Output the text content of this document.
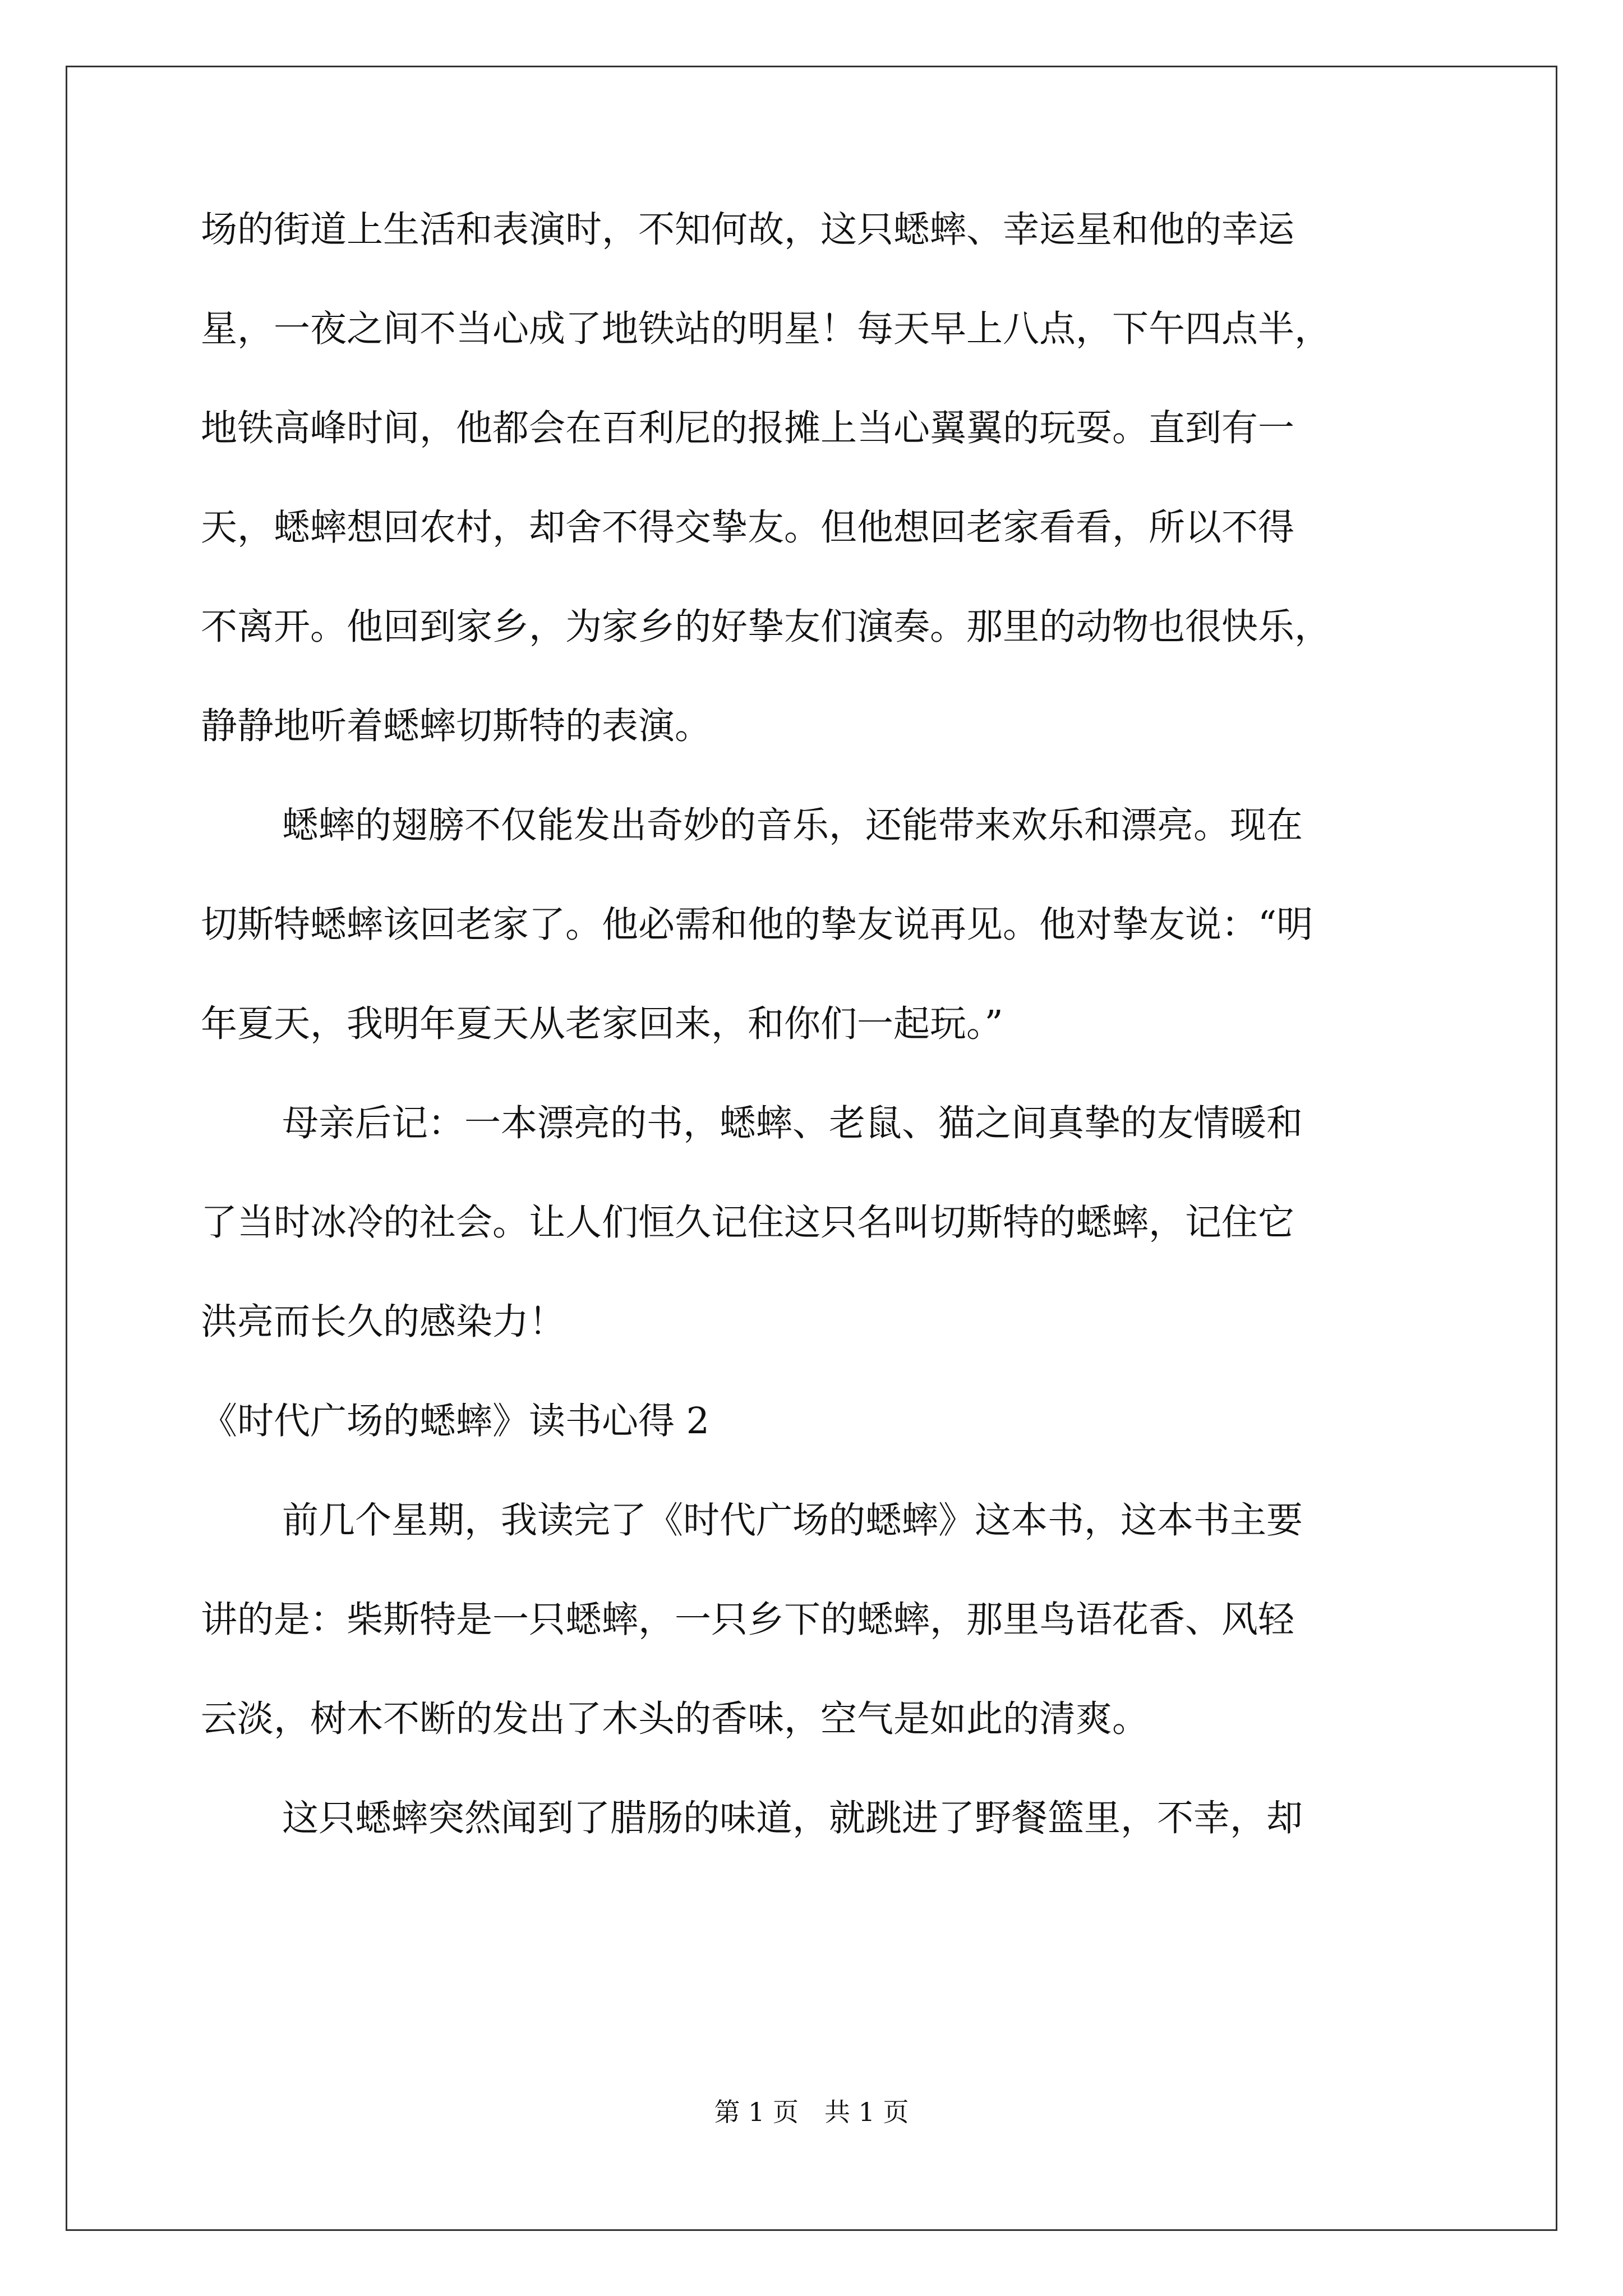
场的街道上生活和表演时，不知何故，这只蟋蟀、幸运星和他的幸运
星，一夜之间不当心成了地铁站的明星！每天早上八点，下午四点半，
地铁高峰时间，他都会在百利尼的报摊上当心翼翼的玩耍。直到有一
天，蟋蟀想回农村，却舍不得交挚友。但他想回老家看看，所以不得
不离开。他回到家乡，为家乡的好挚友们演奏。那里的动物也很快乐，
静静地听着蟋蟀切斯特的表演。
蟋蟀的翅膀不仅能发出奇妙的音乐，还能带来欢乐和漂亮。现在
切斯特蟋蟀该回老家了。他必需和他的挚友说再见。他对挚友说：“明
年夏天，我明年夏天从老家回来，和你们一起玩。”
母亲后记：一本漂亮的书，蟋蟀、老鼠、猫之间真挚的友情暖和
了当时冰冷的社会。让人们恒久记住这只名叫切斯特的蟋蟀，记住它
洪亮而长久的感染力！
《时代广场的蟋蟀》读书心得 2
前几个星期，我读完了《时代广场的蟋蟀》这本书，这本书主要
讲的是：柴斯特是一只蟋蟀，一只乡下的蟋蟀，那里鸟语花香、风轻
云淡，树木不断的发出了木头的香味，空气是如此的清爽。
这只蟋蟀突然闻到了腊肠的味道，就跳进了野餐篮里，不幸，却
第 1 页 共 1 页
